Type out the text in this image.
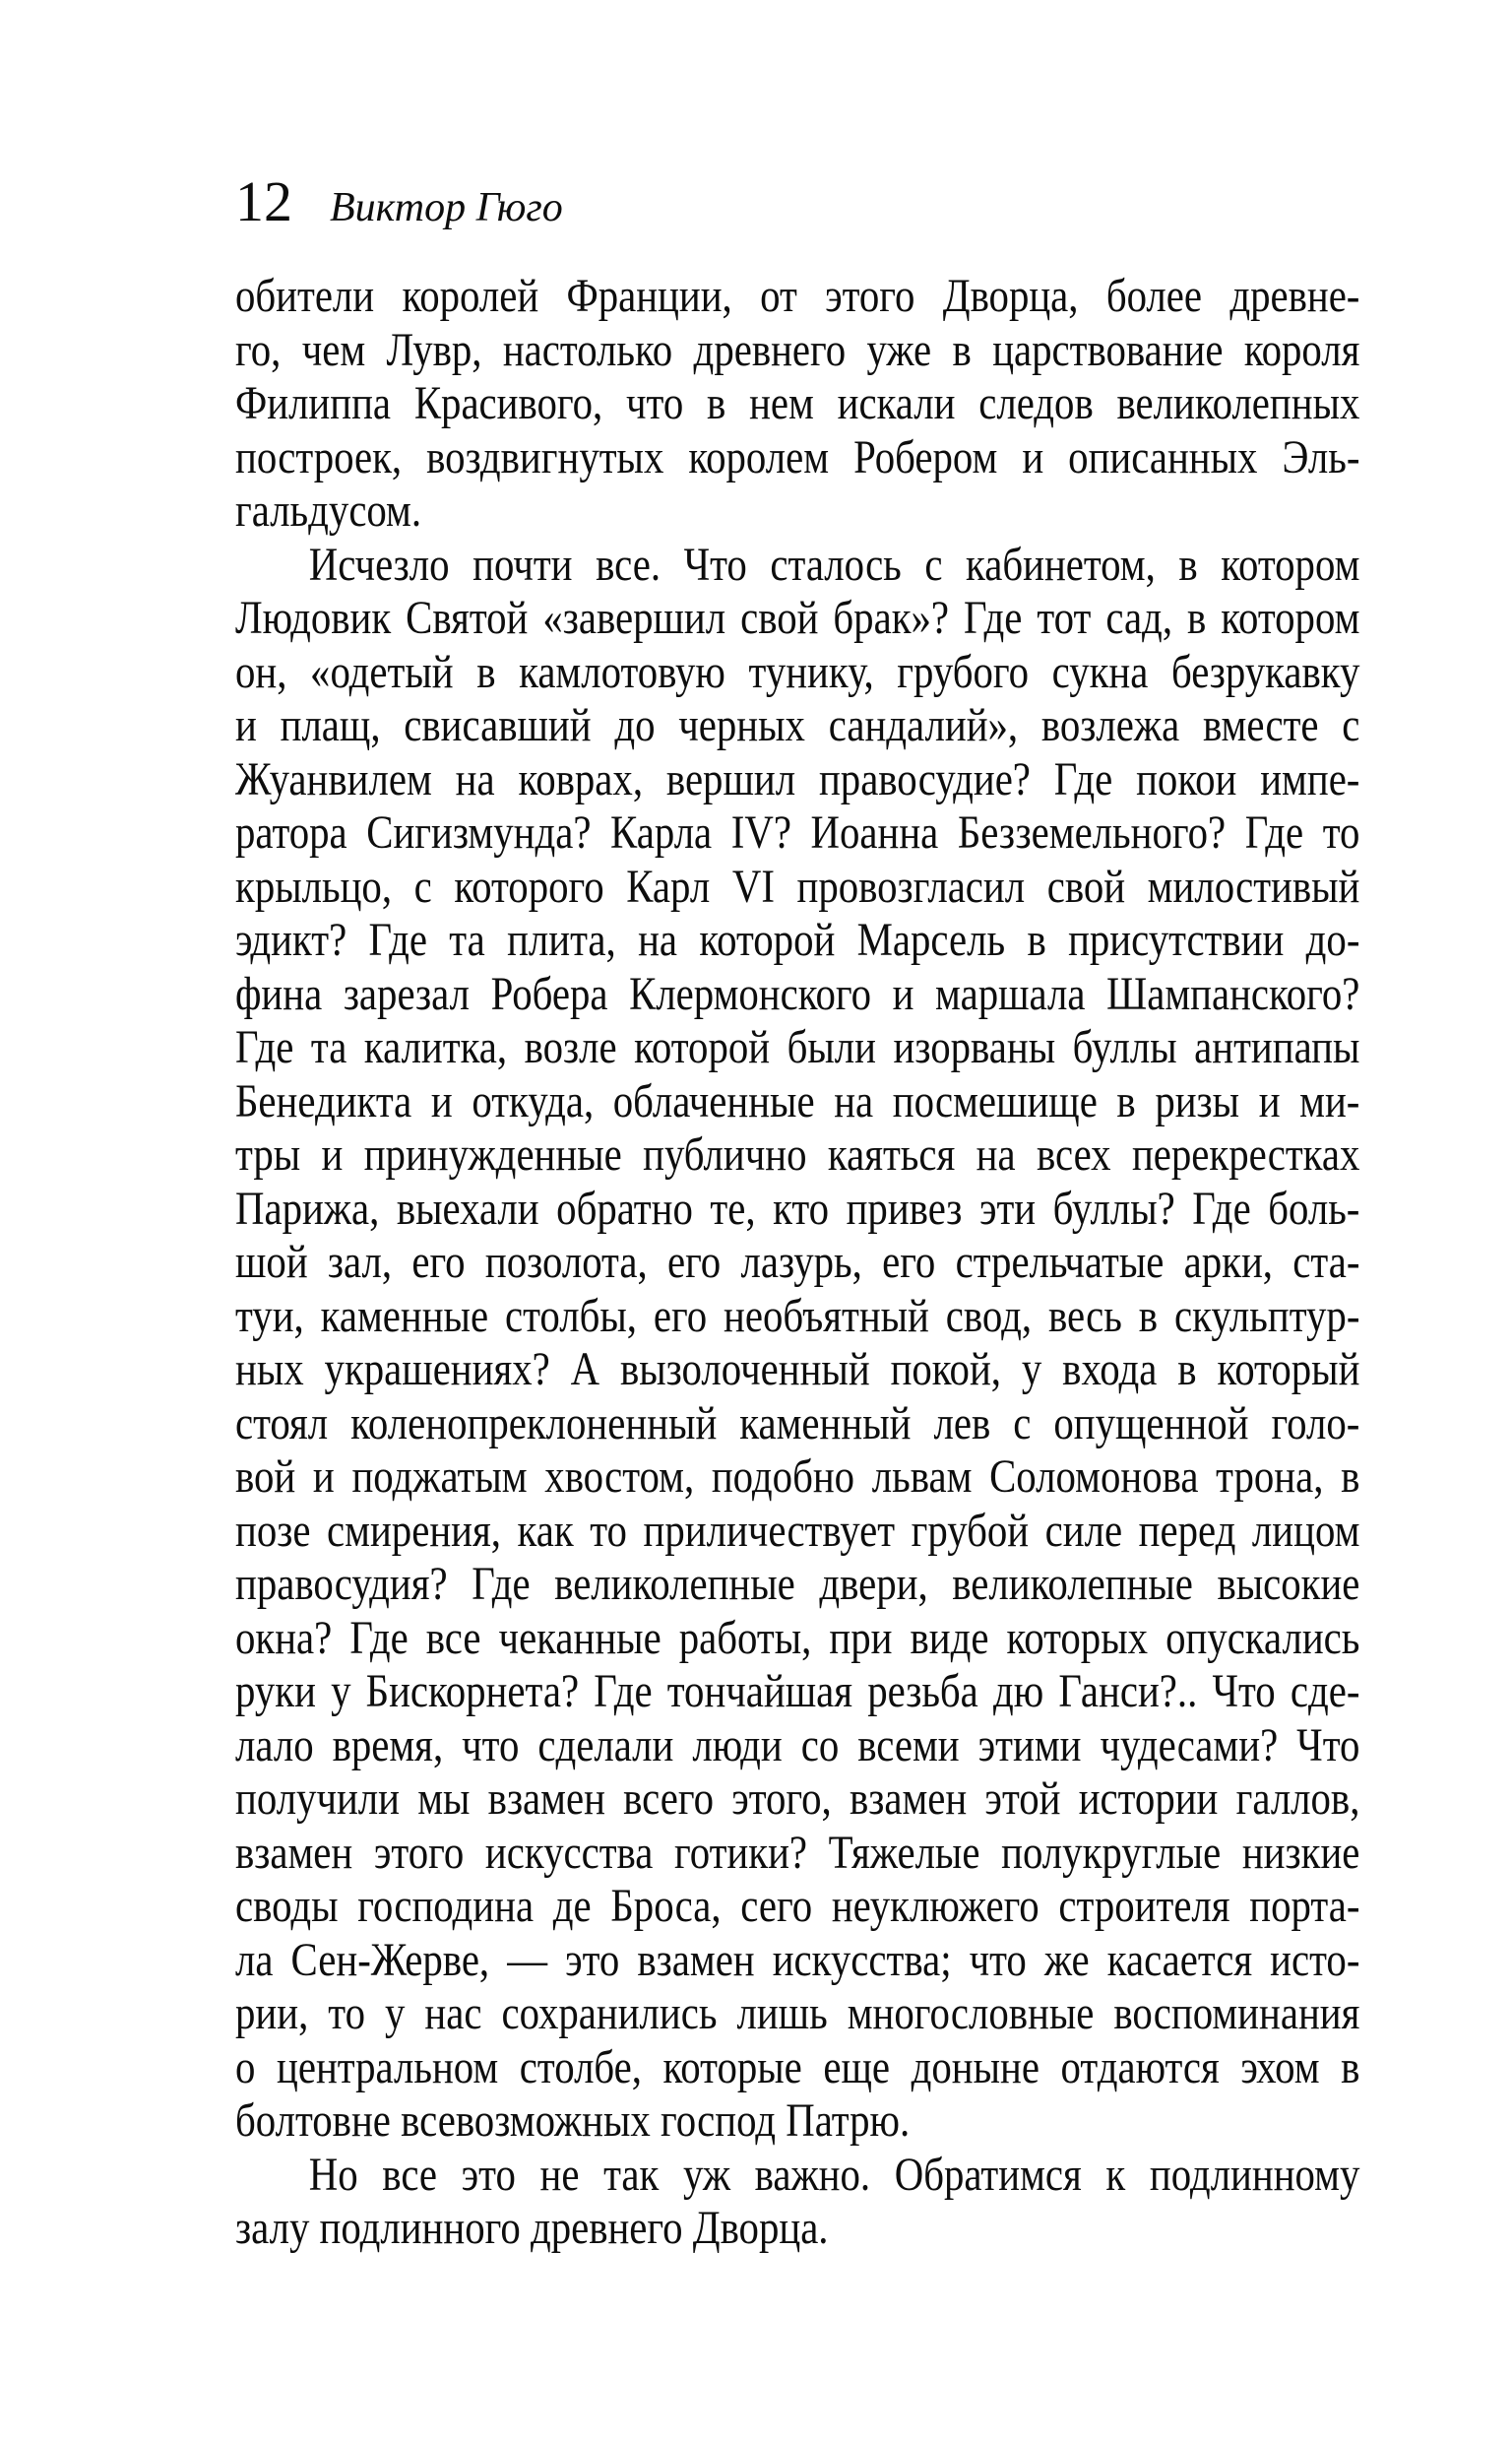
12 Виктор Гюго
обители королей Франции, от этого Дворца, более древне-
го, чем Лувр, настолько древнего уже в царствование короля
Филиппа Красивого, что в нем искали следов великолепных
построек, воздвигнутых королем Робером и описанных Эль-
гальдусом.
Исчезло почти все. Что сталось с кабинетом, в котором
Людовик Святой «завершил свой брак»? Где тот сад, в котором
он, «одетый в камлотовую тунику, грубого сукна безрукавку
и плащ, свисавший до черных сандалий», возлежа вместе с
Жуанвилем на коврах, вершил правосудие? Где покои импе-
ратора Сигизмунда? Карла IV? Иоанна Безземельного? Где то
крыльцо, с которого Карл VI провозгласил свой милостивый
эдикт? Где та плита, на которой Марсель в присутствии до-
фина зарезал Робера Клермонского и маршала Шампанского?
Где та калитка, возле которой были изорваны буллы антипапы
Бенедикта и откуда, облаченные на посмешище в ризы и ми-
тры и принужденные публично каяться на всех перекрестках
Парижа, выехали обратно те, кто привез эти буллы? Где боль-
шой зал, его позолота, его лазурь, его стрельчатые арки, ста-
туи, каменные столбы, его необъятный свод, весь в скульптур-
ных украшениях? А вызолоченный покой, у входа в который
стоял коленопреклоненный каменный лев с опущенной голо-
вой и поджатым хвостом, подобно львам Соломонова трона, в
позе смирения, как то приличествует грубой силе перед лицом
правосудия? Где великолепные двери, великолепные высокие
окна? Где все чеканные работы, при виде которых опускались
руки у Бискорнета? Где тончайшая резьба дю Ганси?.. Что сде-
лало время, что сделали люди со всеми этими чудесами? Что
получили мы взамен всего этого, взамен этой истории галлов,
взамен этого искусства готики? Тяжелые полукруглые низкие
своды господина де Броса, сего неуклюжего строителя порта-
ла Сен-Жерве, — это взамен искусства; что же касается исто-
рии, то у нас сохранились лишь многословные воспоминания
о центральном столбе, которые еще доныне отдаются эхом в
болтовне всевозможных господ Патрю.
Но все это не так уж важно. Обратимся к подлинному
залу подлинного древнего Дворца.
